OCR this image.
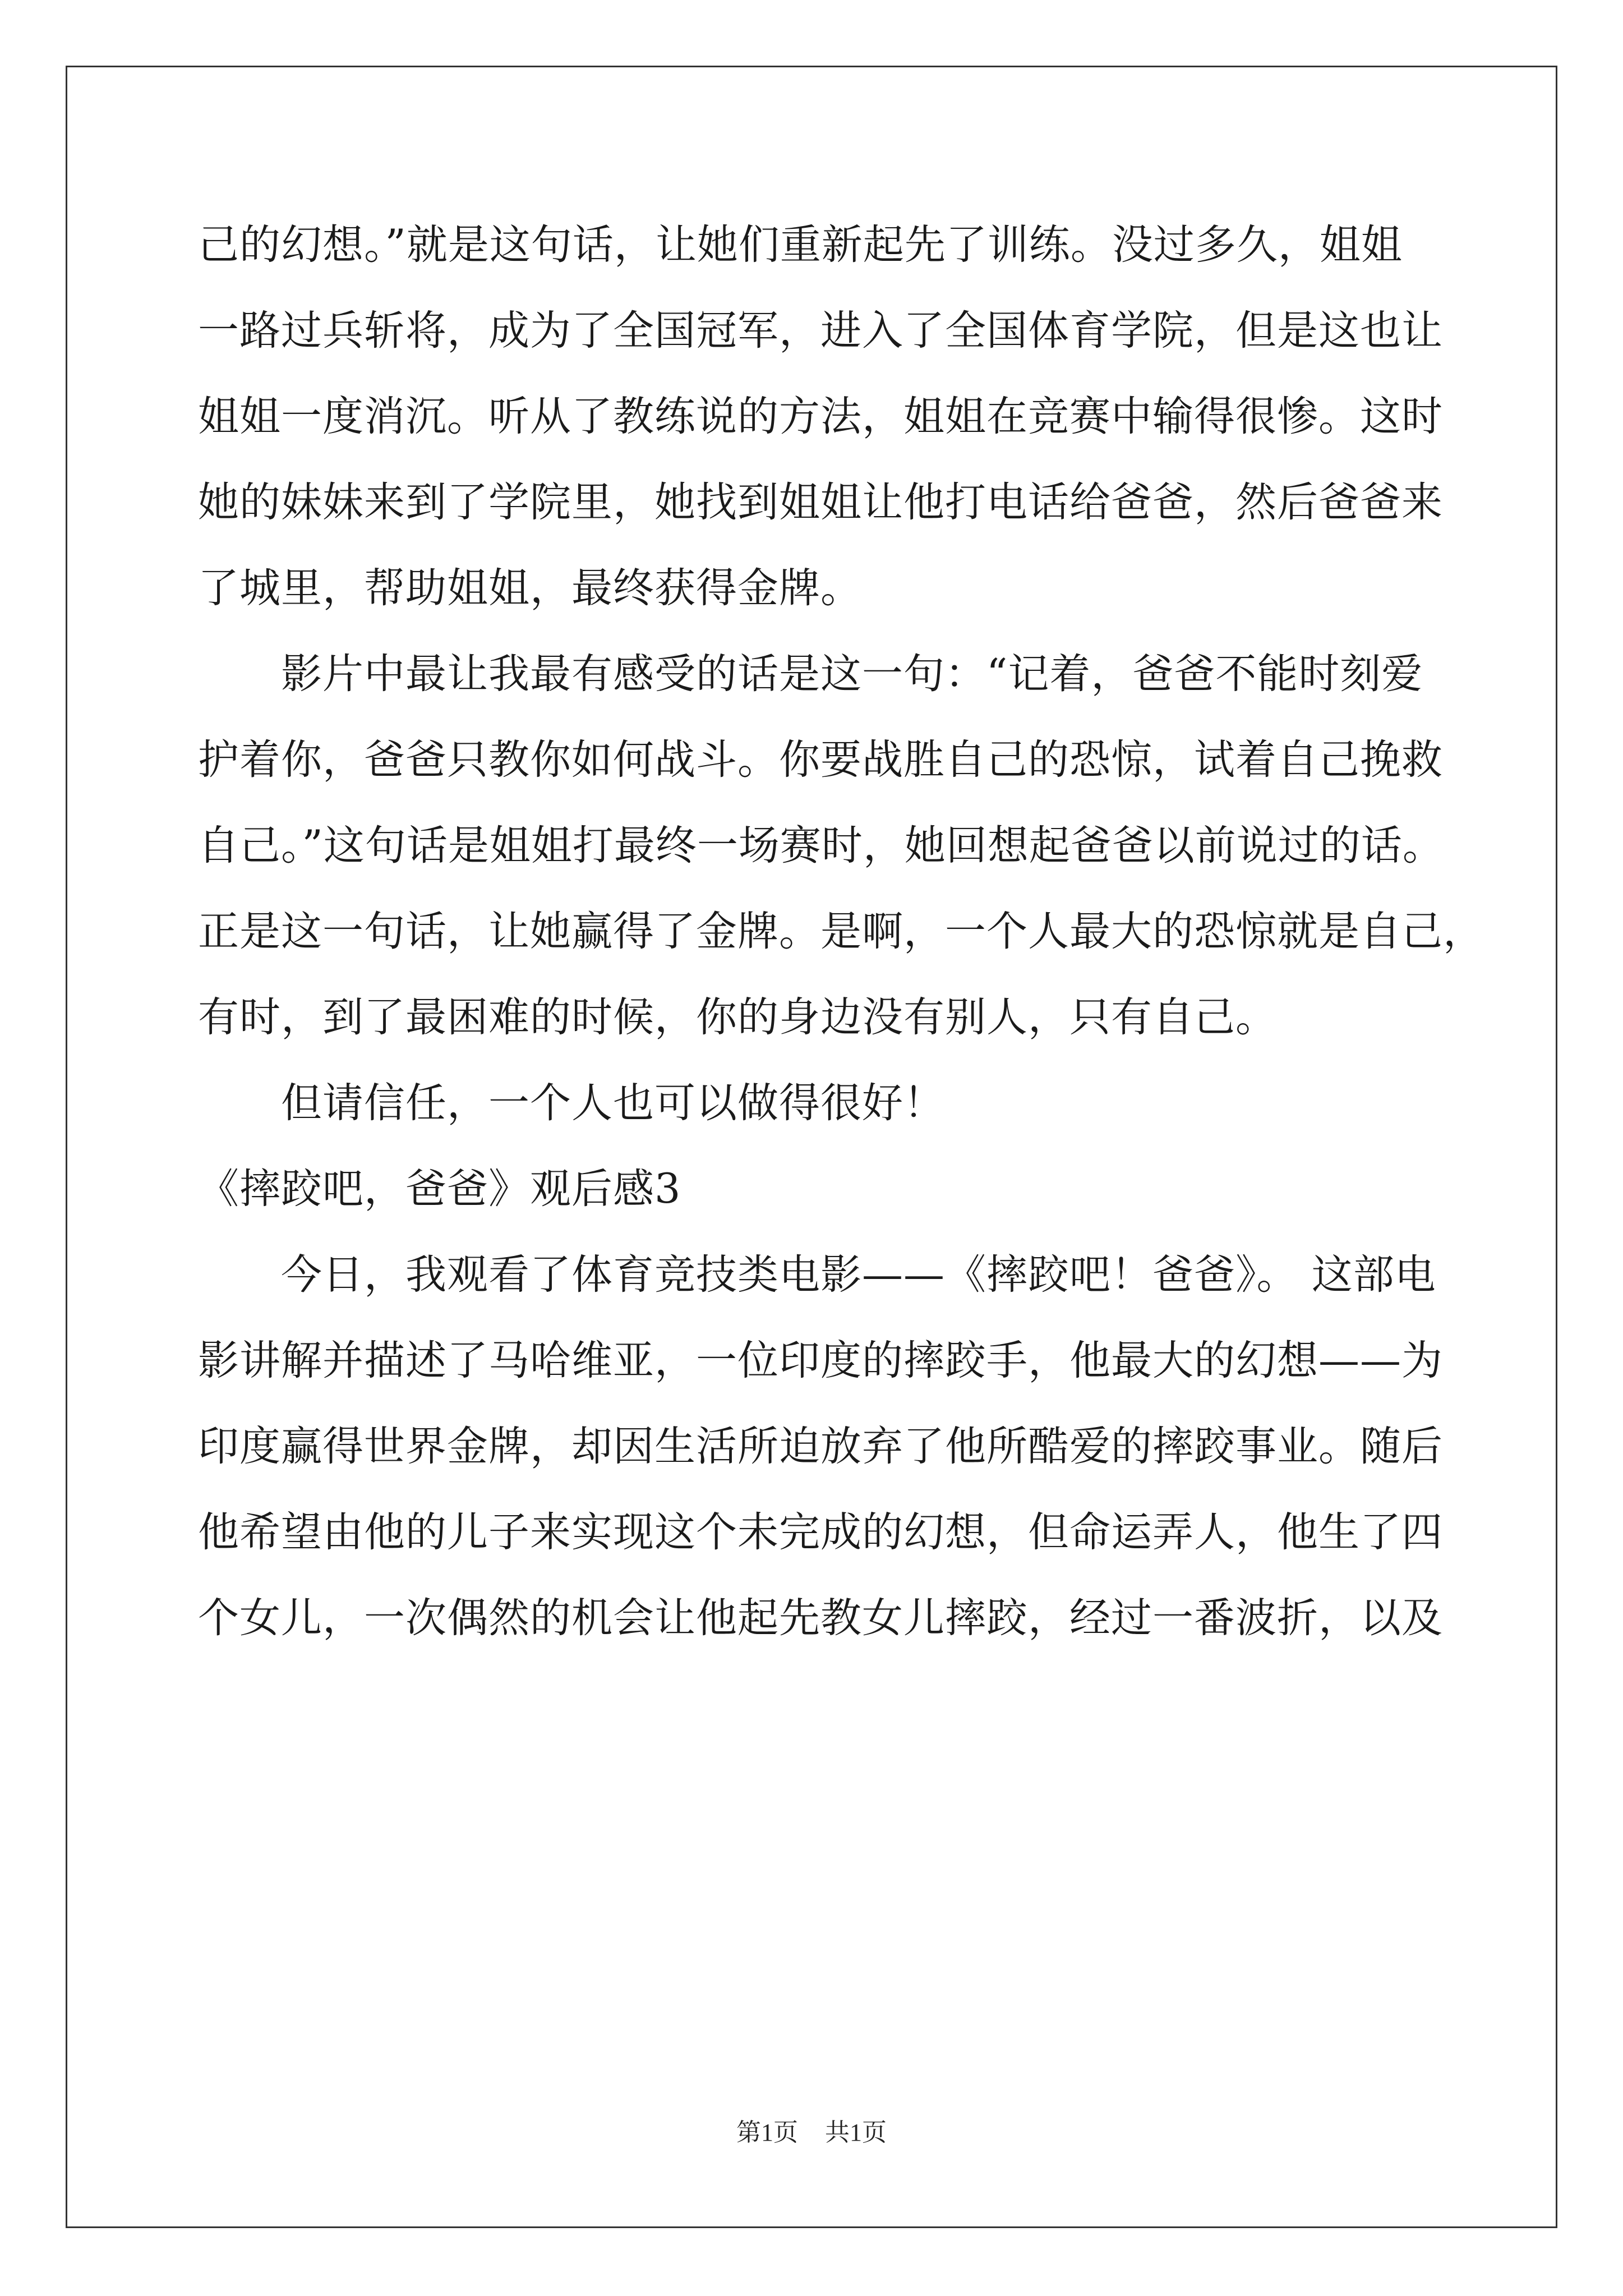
己的幻想。”就是这句话，让她们重新起先了训练。没过多久，姐姐
一路过兵斩将，成为了全国冠军，进入了全国体育学院，但是这也让
姐姐一度消沉。听从了教练说的方法，姐姐在竞赛中输得很惨。这时
她的妹妹来到了学院里，她找到姐姐让他打电话给爸爸，然后爸爸来
了城里，帮助姐姐，最终获得金牌。
　　影片中最让我最有感受的话是这一句：“记着，爸爸不能时刻爱
护着你，爸爸只教你如何战斗。你要战胜自己的恐惊，试着自己挽救
自己。”这句话是姐姐打最终一场赛时，她回想起爸爸以前说过的话。
正是这一句话，让她赢得了金牌。是啊，一个人最大的恐惊就是自己，
有时，到了最困难的时候，你的身边没有别人，只有自己。
　　但请信任，一个人也可以做得很好！
《摔跤吧，爸爸》观后感3
　　今日，我观看了体育竞技类电影——《摔跤吧！爸爸》。 这部电
影讲解并描述了马哈维亚，一位印度的摔跤手，他最大的幻想——为
印度赢得世界金牌，却因生活所迫放弃了他所酷爱的摔跤事业。随后
他希望由他的儿子来实现这个未完成的幻想，但命运弄人，他生了四
个女儿，一次偶然的机会让他起先教女儿摔跤，经过一番波折，以及
第1页 共1页
